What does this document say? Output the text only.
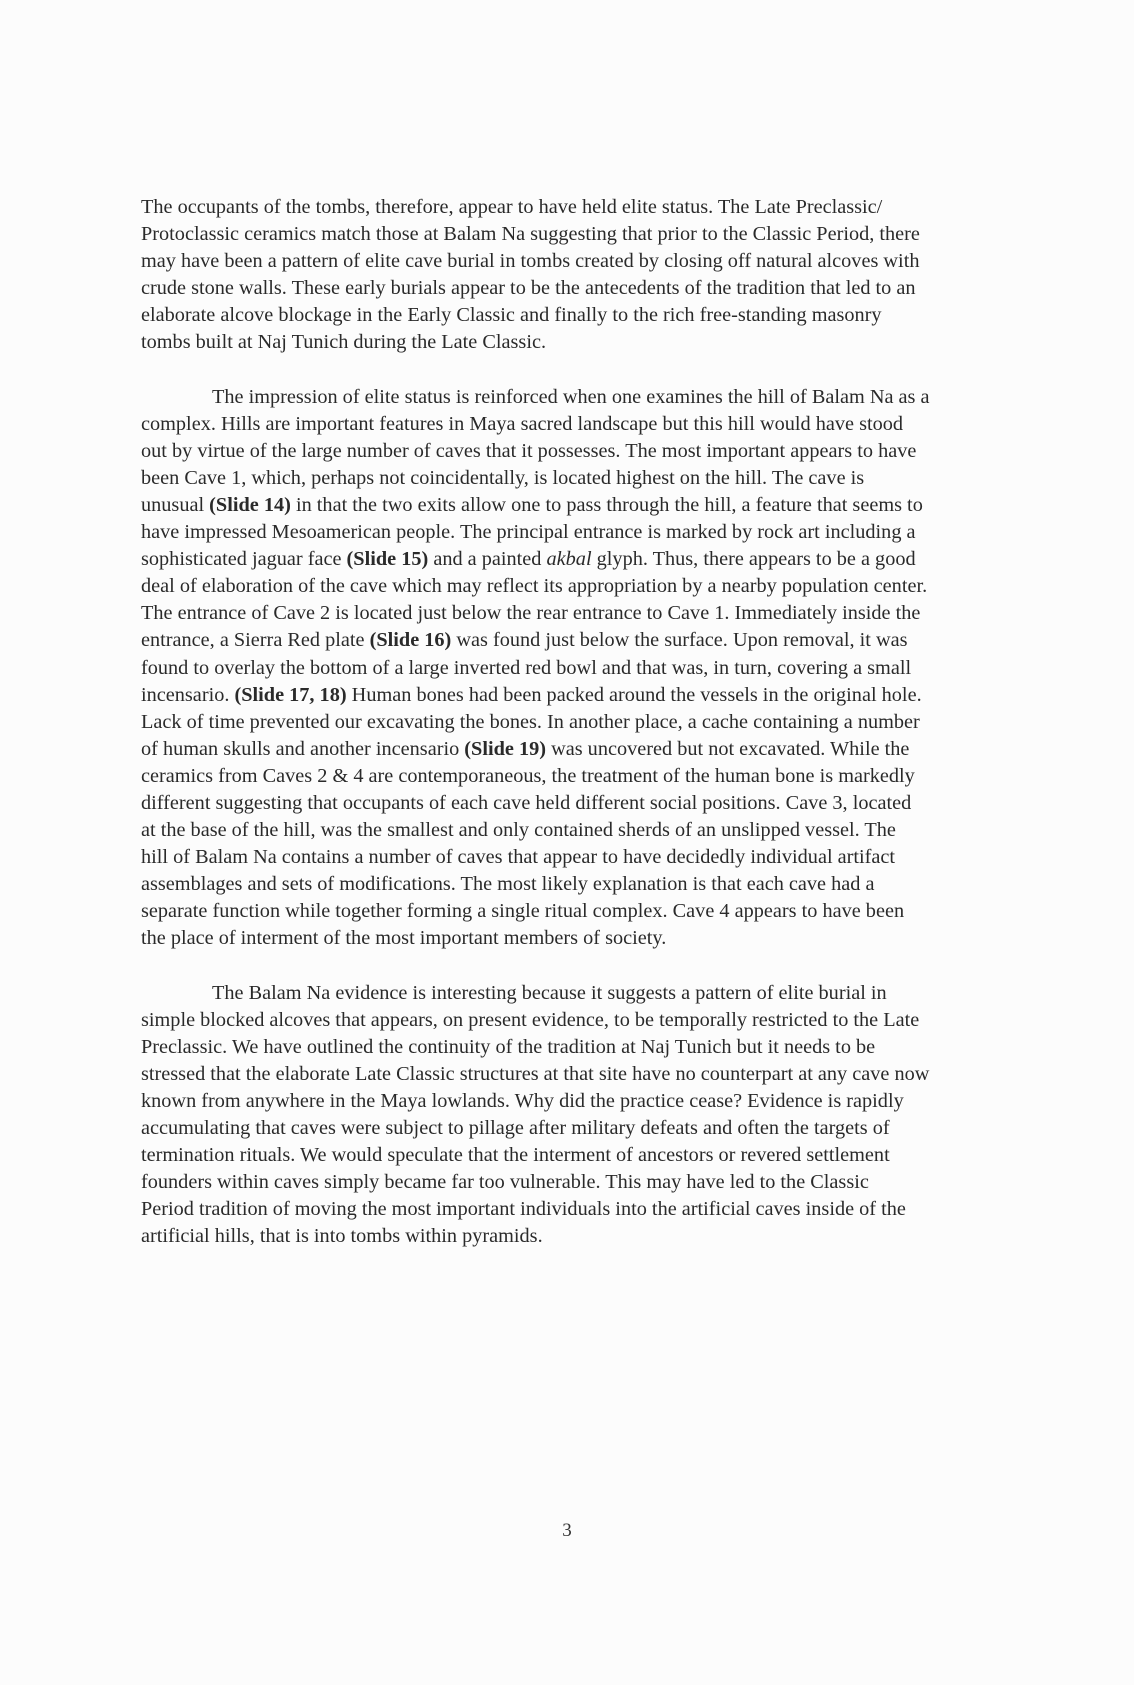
The occupants of the tombs, therefore, appear to have held elite status. The Late Preclassic/
Protoclassic ceramics match those at Balam Na suggesting that prior to the Classic Period, there
may have been a pattern of elite cave burial in tombs created by closing off natural alcoves with
crude stone walls. These early burials appear to be the antecedents of the tradition that led to an
elaborate alcove blockage in the Early Classic and finally to the rich free-standing masonry
tombs built at Naj Tunich during the Late Classic.

The impression of elite status is reinforced when one examines the hill of Balam Na as a
complex. Hills are important features in Maya sacred landscape but this hill would have stood
out by virtue of the large number of caves that it possesses. The most important appears to have
been Cave 1, which, perhaps not coincidentally, is located highest on the hill. The cave is
unusual (Slide 14) in that the two exits allow one to pass through the hill, a feature that seems to
have impressed Mesoamerican people. The principal entrance is marked by rock art including a
sophisticated jaguar face (Slide 15) and a painted akbal glyph. Thus, there appears to be a good
deal of elaboration of the cave which may reflect its appropriation by a nearby population center.
The entrance of Cave 2 is located just below the rear entrance to Cave 1. Immediately inside the
entrance, a Sierra Red plate (Slide 16) was found just below the surface. Upon removal, it was
found to overlay the bottom of a large inverted red bowl and that was, in turn, covering a small
incensario. (Slide 17, 18) Human bones had been packed around the vessels in the original hole.
Lack of time prevented our excavating the bones. In another place, a cache containing a number
of human skulls and another incensario (Slide 19) was uncovered but not excavated. While the
ceramics from Caves 2 & 4 are contemporaneous, the treatment of the human bone is markedly
different suggesting that occupants of each cave held different social positions. Cave 3, located
at the base of the hill, was the smallest and only contained sherds of an unslipped vessel. The
hill of Balam Na contains a number of caves that appear to have decidedly individual artifact
assemblages and sets of modifications. The most likely explanation is that each cave had a
separate function while together forming a single ritual complex. Cave 4 appears to have been
the place of interment of the most important members of society.

The Balam Na evidence is interesting because it suggests a pattern of elite burial in
simple blocked alcoves that appears, on present evidence, to be temporally restricted to the Late
Preclassic. We have outlined the continuity of the tradition at Naj Tunich but it needs to be
stressed that the elaborate Late Classic structures at that site have no counterpart at any cave now
known from anywhere in the Maya lowlands. Why did the practice cease? Evidence is rapidly
accumulating that caves were subject to pillage after military defeats and often the targets of
termination rituals. We would speculate that the interment of ancestors or revered settlement
founders within caves simply became far too vulnerable. This may have led to the Classic
Period tradition of moving the most important individuals into the artificial caves inside of the
artificial hills, that is into tombs within pyramids.

3
